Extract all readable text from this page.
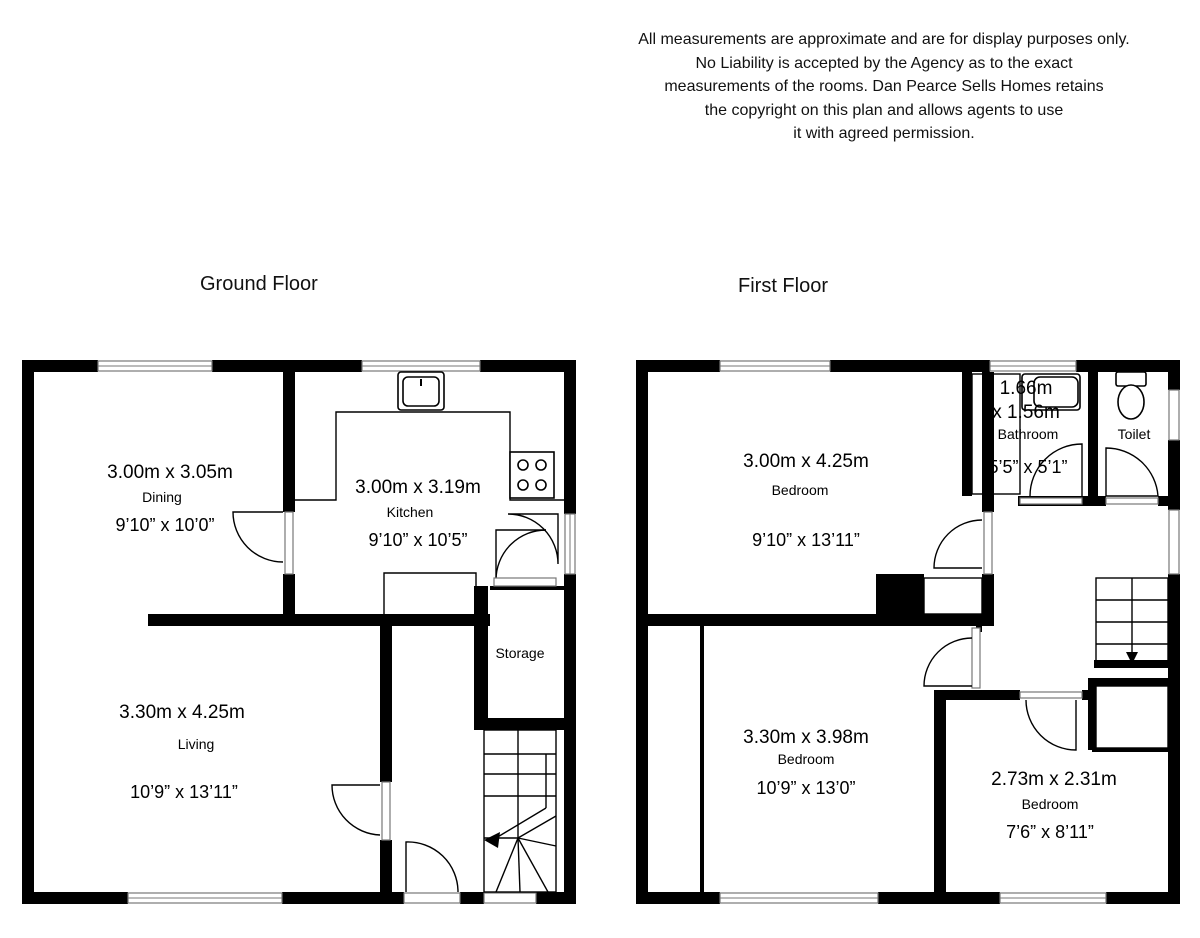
All measurements are approximate and are for display purposes only.
No Liability is accepted by the Agency as to the exact
measurements of the rooms. Dan Pearce Sells Homes retains
the copyright on this plan and allows agents to use
it with agreed permission.
Ground Floor	First Floor
3.00m x 3.05m
Dining
9’10” x 10’0”
3.00m x 3.19m
Kitchen
9’10” x 10’5”
3.30m x 4.25m
Living
10’9” x 13’11”
Storage
3.00m x 4.25m
Bedroom
9’10” x 13’11”
1.66m
x 1.56m
Bathroom
5’5” x 5’1”
Toilet
3.30m x 3.98m
Bedroom
10’9” x 13’0”	2.73m x 2.31m
Bedroom
7’6” x 8’11”
